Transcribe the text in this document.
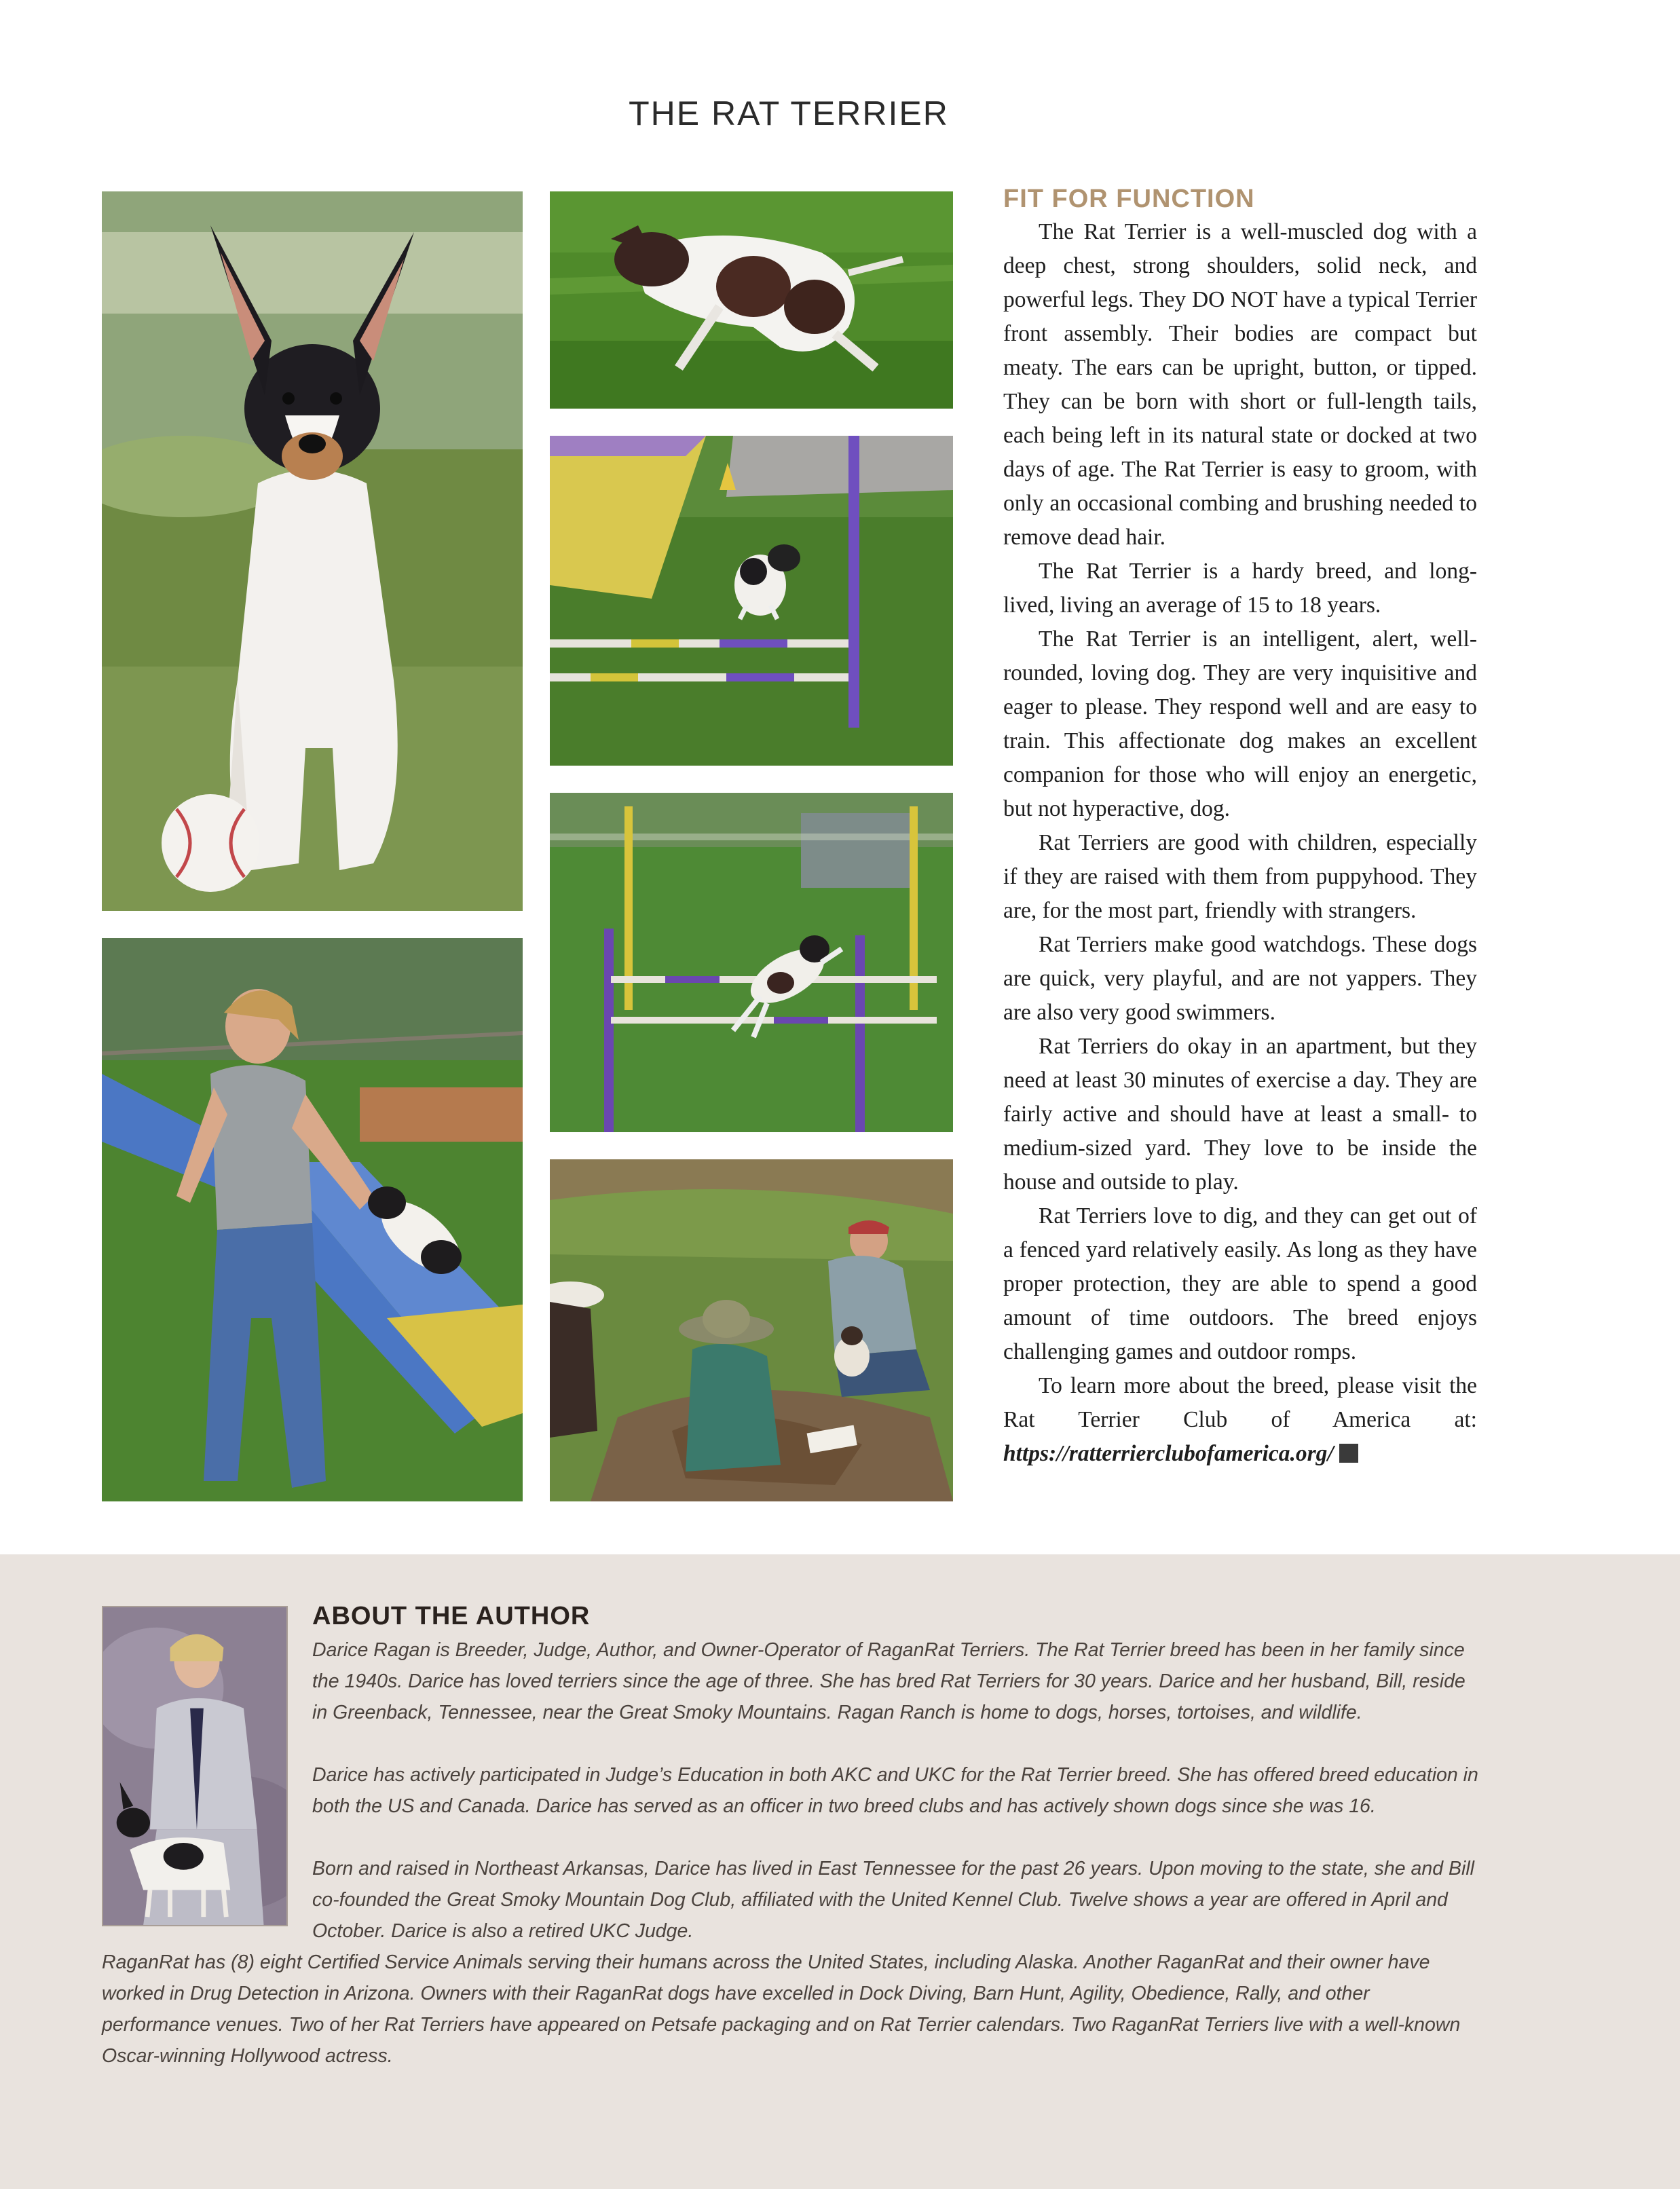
THE RAT TERRIER
FIT FOR FUNCTION

The Rat Terrier is a well-muscled dog with a deep chest, strong shoulders, solid neck, and powerful legs. They DO NOT have a typical Terrier front assembly. Their bodies are compact but meaty. The ears can be upright, button, or tipped. They can be born with short or full-length tails, each being left in its natural state or docked at two days of age. The Rat Terrier is easy to groom, with only an occasional combing and brushing needed to remove dead hair.

The Rat Terrier is a hardy breed, and long-lived, living an average of 15 to 18 years.

The Rat Terrier is an intelligent, alert, well-rounded, loving dog. They are very inquisitive and eager to please. They respond well and are easy to train. This affectionate dog makes an excellent companion for those who will enjoy an energetic, but not hyperactive, dog.

Rat Terriers are good with children, especially if they are raised with them from puppyhood. They are, for the most part, friendly with strangers.

Rat Terriers make good watchdogs. These dogs are quick, very playful, and are not yappers. They are also very good swimmers.

Rat Terriers do okay in an apartment, but they need at least 30 minutes of exercise a day. They are fairly active and should have at least a small- to medium-sized yard. They love to be inside the house and outside to play.

Rat Terriers love to dig, and they can get out of a fenced yard relatively easily. As long as they have proper protection, they are able to spend a good amount of time outdoors. The breed enjoys challenging games and outdoor romps.

To learn more about the breed, please visit the Rat Terrier Club of America at: https://ratterrierclubofamerica.org/

ABOUT THE AUTHOR

Darice Ragan is Breeder, Judge, Author, and Owner-Operator of RaganRat Terriers. The Rat Terrier breed has been in her family since the 1940s. Darice has loved terriers since the age of three. She has bred Rat Terriers for 30 years. Darice and her husband, Bill, reside in Greenback, Tennessee, near the Great Smoky Mountains. Ragan Ranch is home to dogs, horses, tortoises, and wildlife.

Darice has actively participated in Judge’s Education in both AKC and UKC for the Rat Terrier breed. She has offered breed education in both the US and Canada. Darice has served as an officer in two breed clubs and has actively shown dogs since she was 16.

Born and raised in Northeast Arkansas, Darice has lived in East Tennessee for the past 26 years. Upon moving to the state, she and Bill co-founded the Great Smoky Mountain Dog Club, affiliated with the United Kennel Club. Twelve shows a year are offered in April and October. Darice is also a retired UKC Judge.

RaganRat has (8) eight Certified Service Animals serving their humans across the United States, including Alaska. Another RaganRat and their owner have worked in Drug Detection in Arizona. Owners with their RaganRat dogs have excelled in Dock Diving, Barn Hunt, Agility, Obedience, Rally, and other performance venues. Two of her Rat Terriers have appeared on Petsafe packaging and on Rat Terrier calendars. Two RaganRat Terriers live with a well-known Oscar-winning Hollywood actress.
